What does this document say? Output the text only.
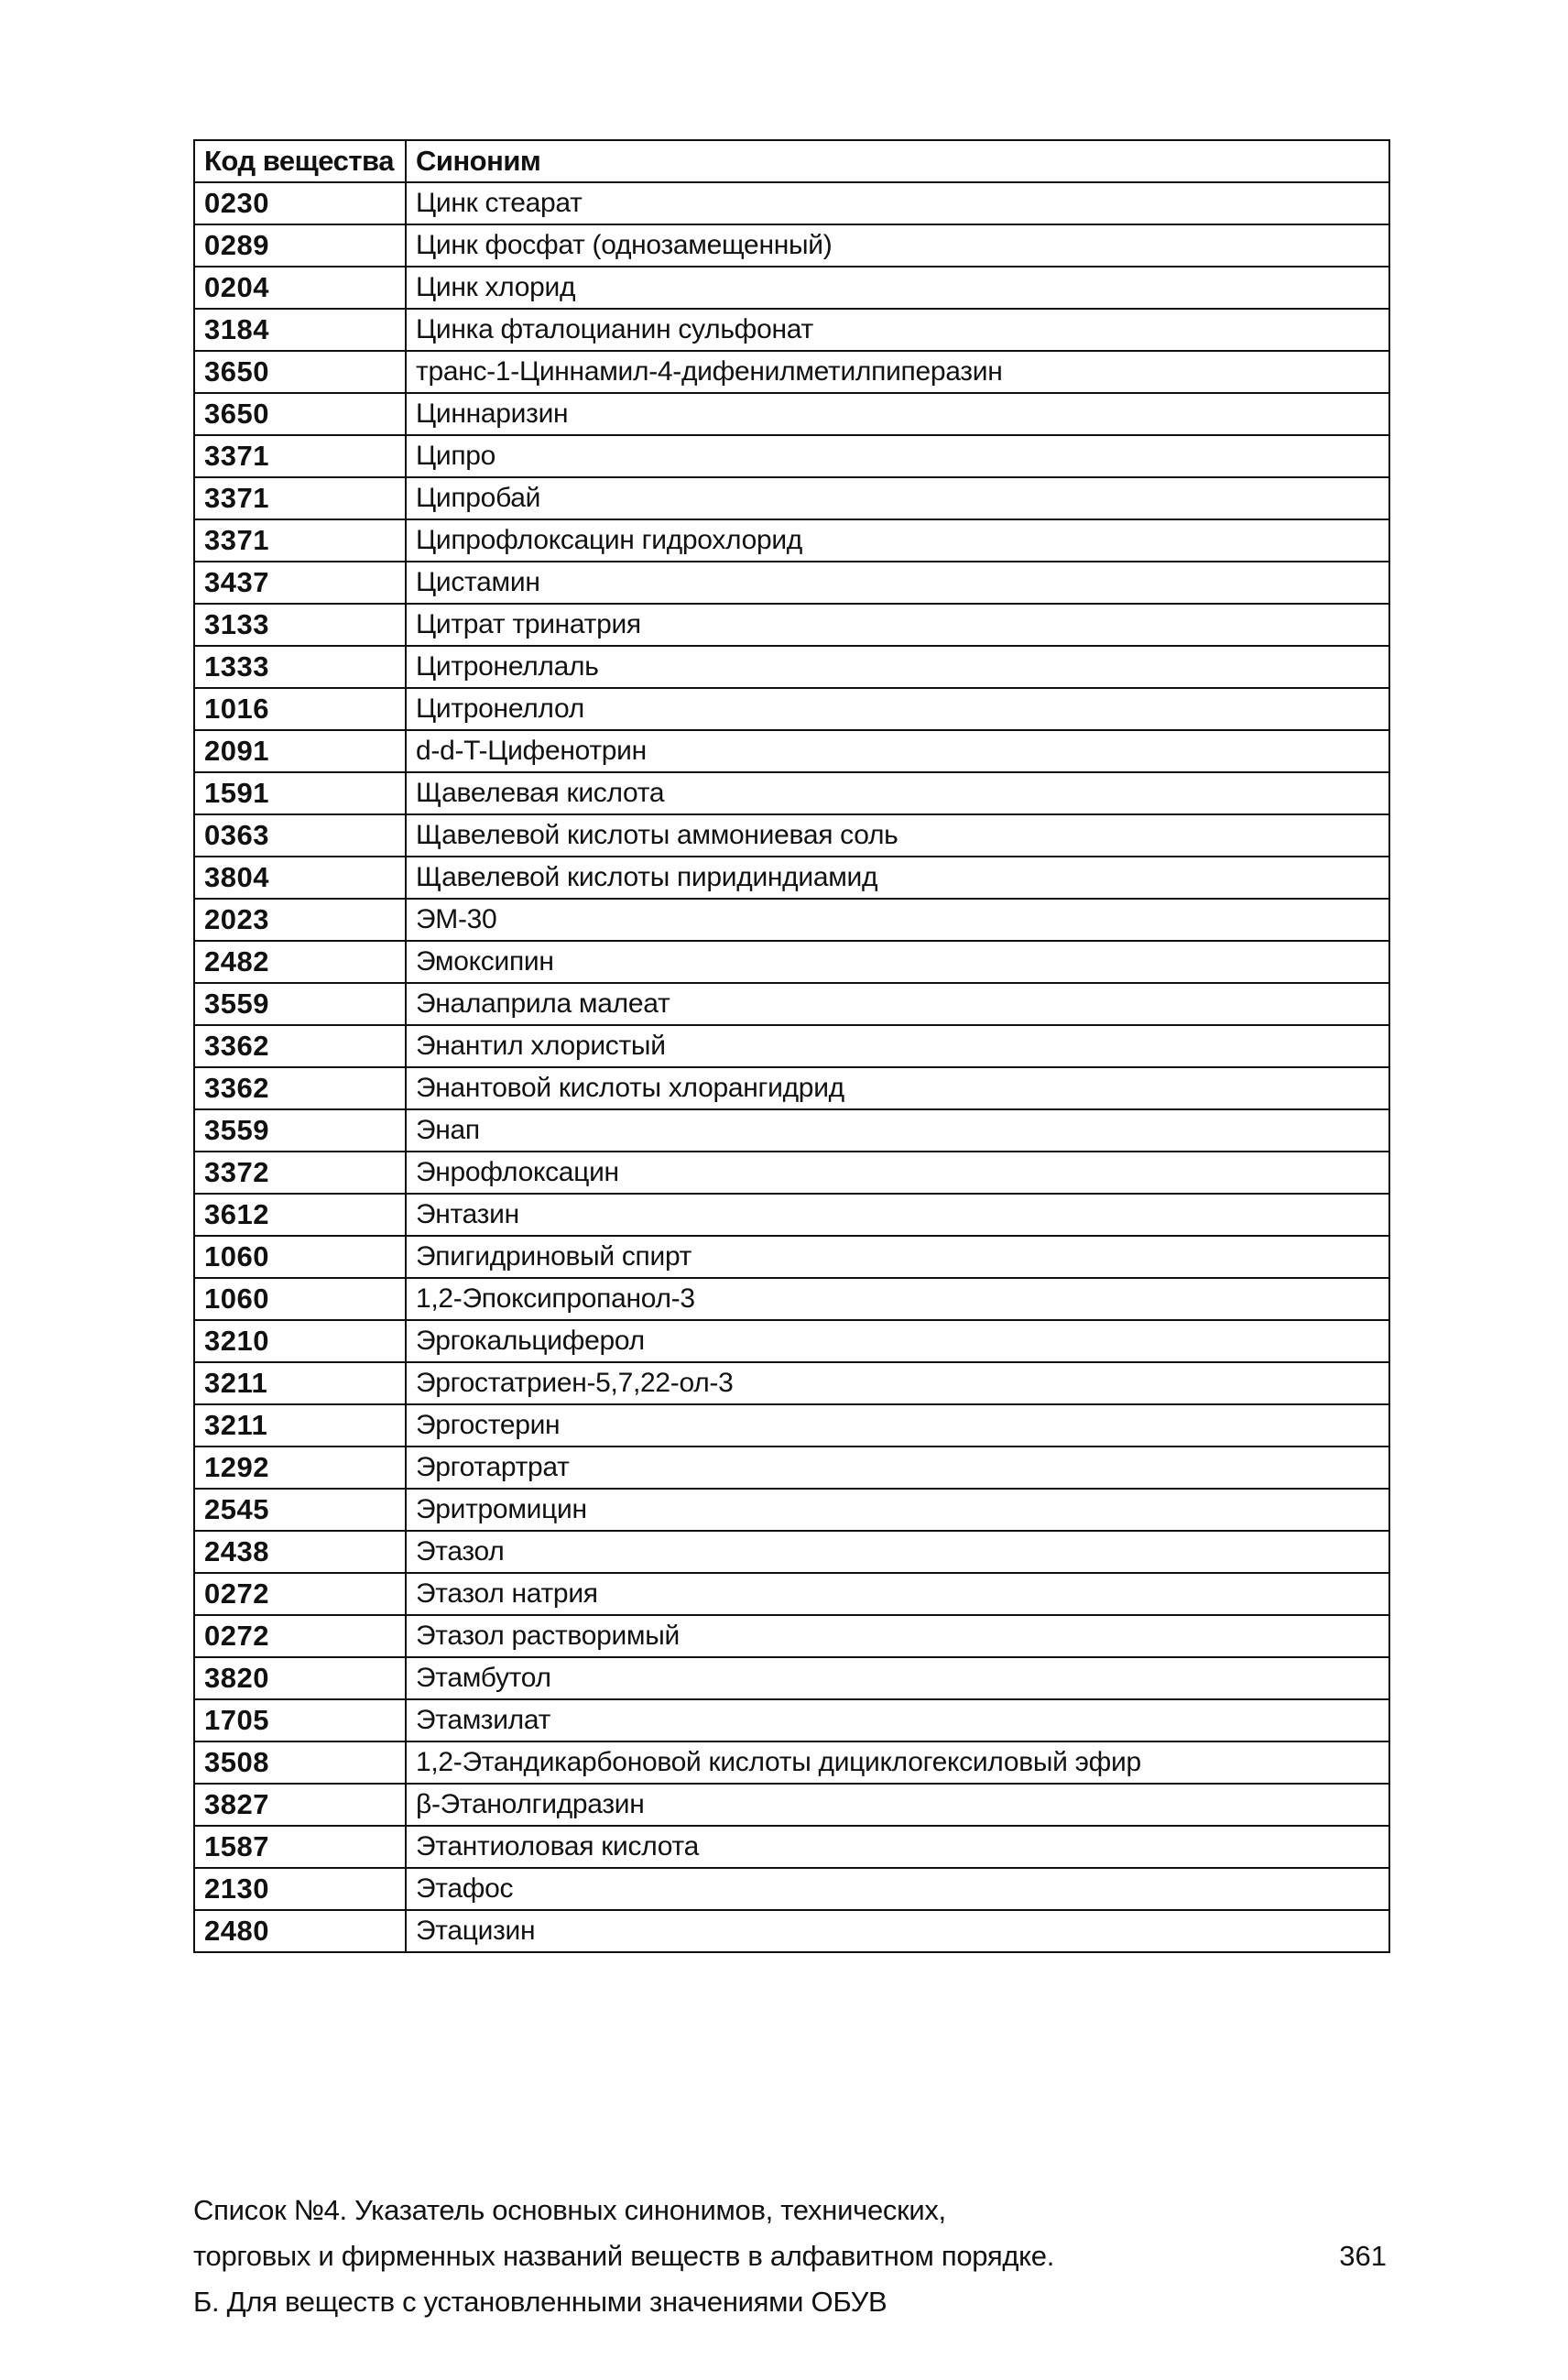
Код вещества	Синоним
0230	Цинк стеарат
0289	Цинк фосфат (однозамещенный)
0204	Цинк хлорид
3184	Цинка фталоцианин сульфонат
3650	транс-1-Циннамил-4-дифенилметилпиперазин
3650	Циннаризин
3371	Ципро
3371	Ципробай
3371	Ципрофлоксацин гидрохлорид
3437	Цистамин
3133	Цитрат тринатрия
1333	Цитронеллаль
1016	Цитронеллол
2091	d-d-T-Цифенотрин
1591	Щавелевая кислота
0363	Щавелевой кислоты аммониевая соль
3804	Щавелевой кислоты пиридиндиамид
2023	ЭМ-30
2482	Эмоксипин
3559	Эналаприла малеат
3362	Энантил хлористый
3362	Энантовой кислоты хлорангидрид
3559	Энап
3372	Энрофлоксацин
3612	Энтазин
1060	Эпигидриновый спирт
1060	1,2-Эпоксипропанол-3
3210	Эргокальциферол
3211	Эргостатриен-5,7,22-ол-3
3211	Эргостерин
1292	Эрготартрат
2545	Эритромицин
2438	Этазол
0272	Этазол натрия
0272	Этазол растворимый
3820	Этамбутол
1705	Этамзилат
3508	1,2-Этандикарбоновой кислоты дициклогексиловый эфир
3827	β-Этанолгидразин
1587	Этантиоловая кислота
2130	Этафос
2480	Этацизин
Список №4. Указатель основных синонимов, технических,
торговых и фирменных названий веществ в алфавитном порядке.
Б. Для веществ с установленными значениями ОБУВ
361
